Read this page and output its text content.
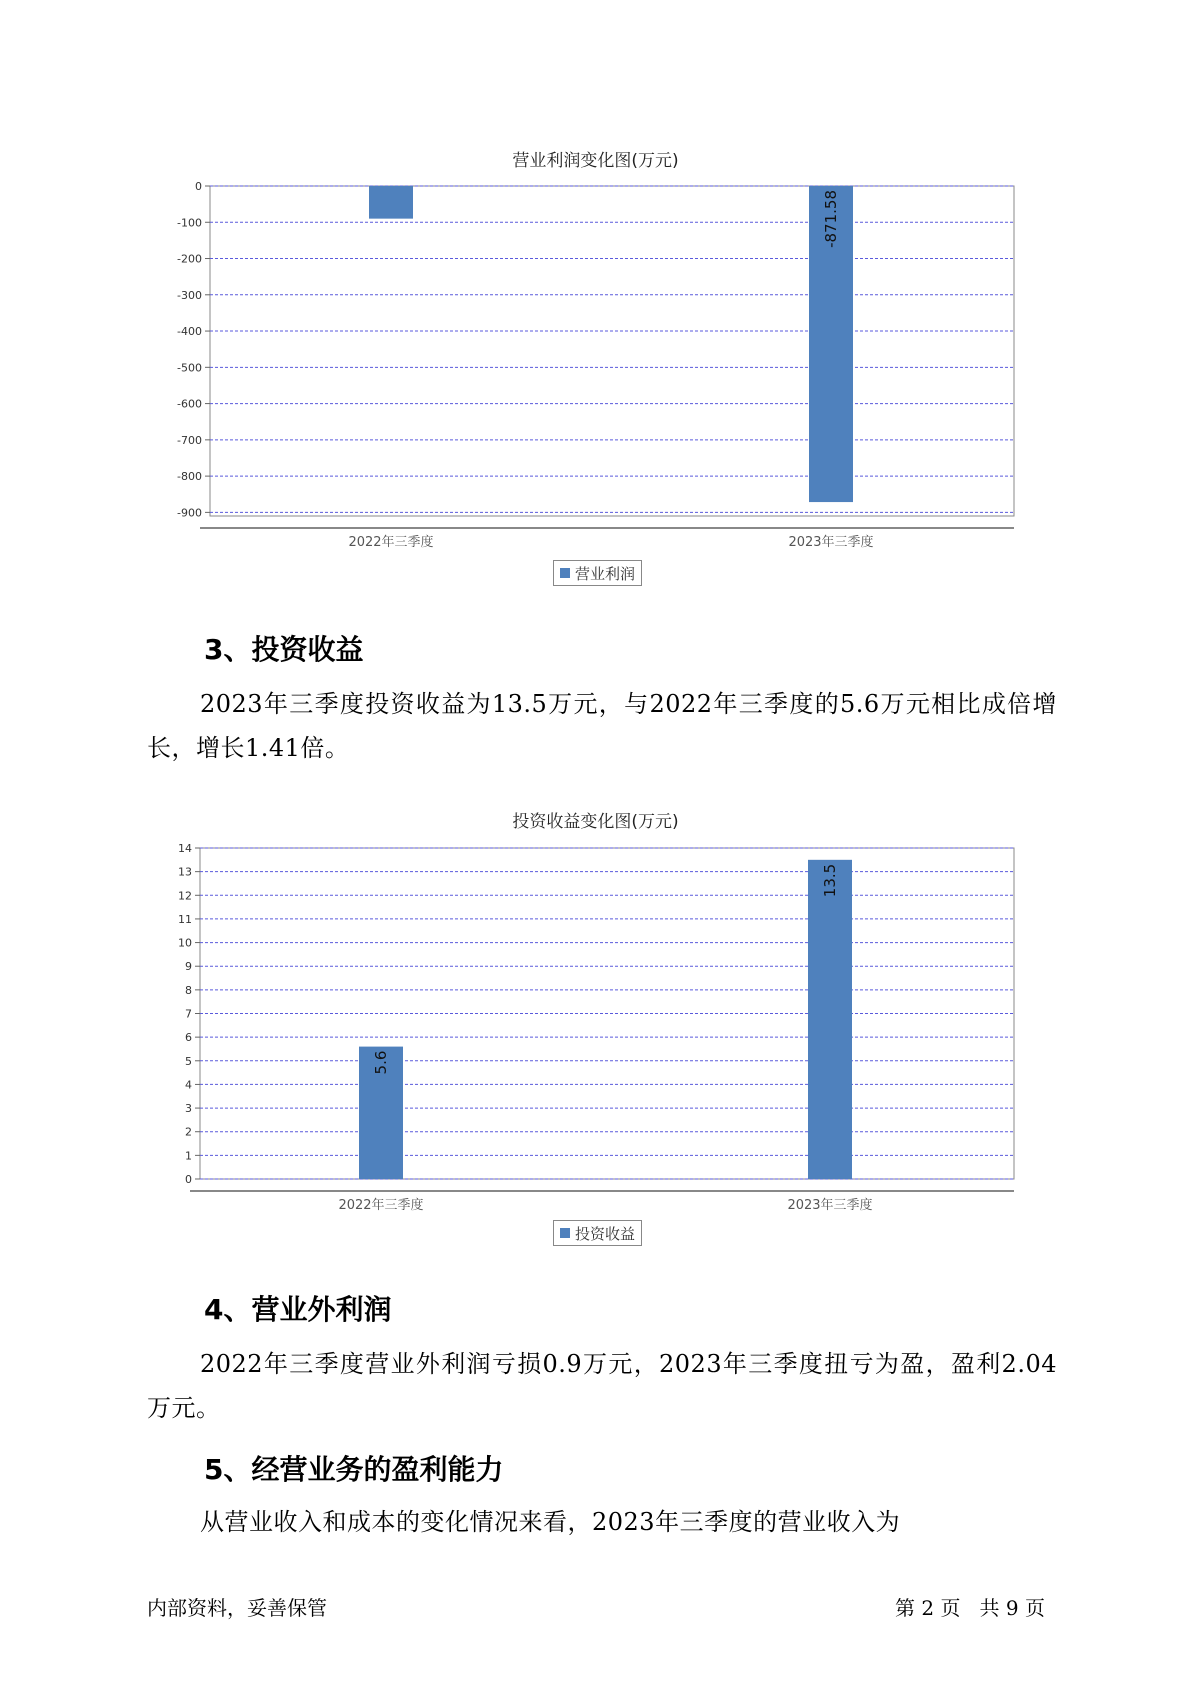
营业利润变化图(万元)
0
-100
-200
-300
-400
-500
-600
-700
-800
-900
2022年三季度	2023年三季度
-871.58
营业利润
3、投资收益

2023年三季度投资收益为13.5万元，与2022年三季度的5.6万元相比成倍增长，增长1.41倍。

投资收益变化图(万元)
0
1
2
3
4
5
6
7
8
9
10
11
12
13
14
2022年三季度
5.6
2023年三季度
13.5
投资收益
4、营业外利润

2022年三季度营业外利润亏损0.9万元，2023年三季度扭亏为盈，盈利2.04万元。

5、经营业务的盈利能力

从营业收入和成本的变化情况来看，2023年三季度的营业收入为

内部资料，妥善保管	第 2 页   共 9 页
